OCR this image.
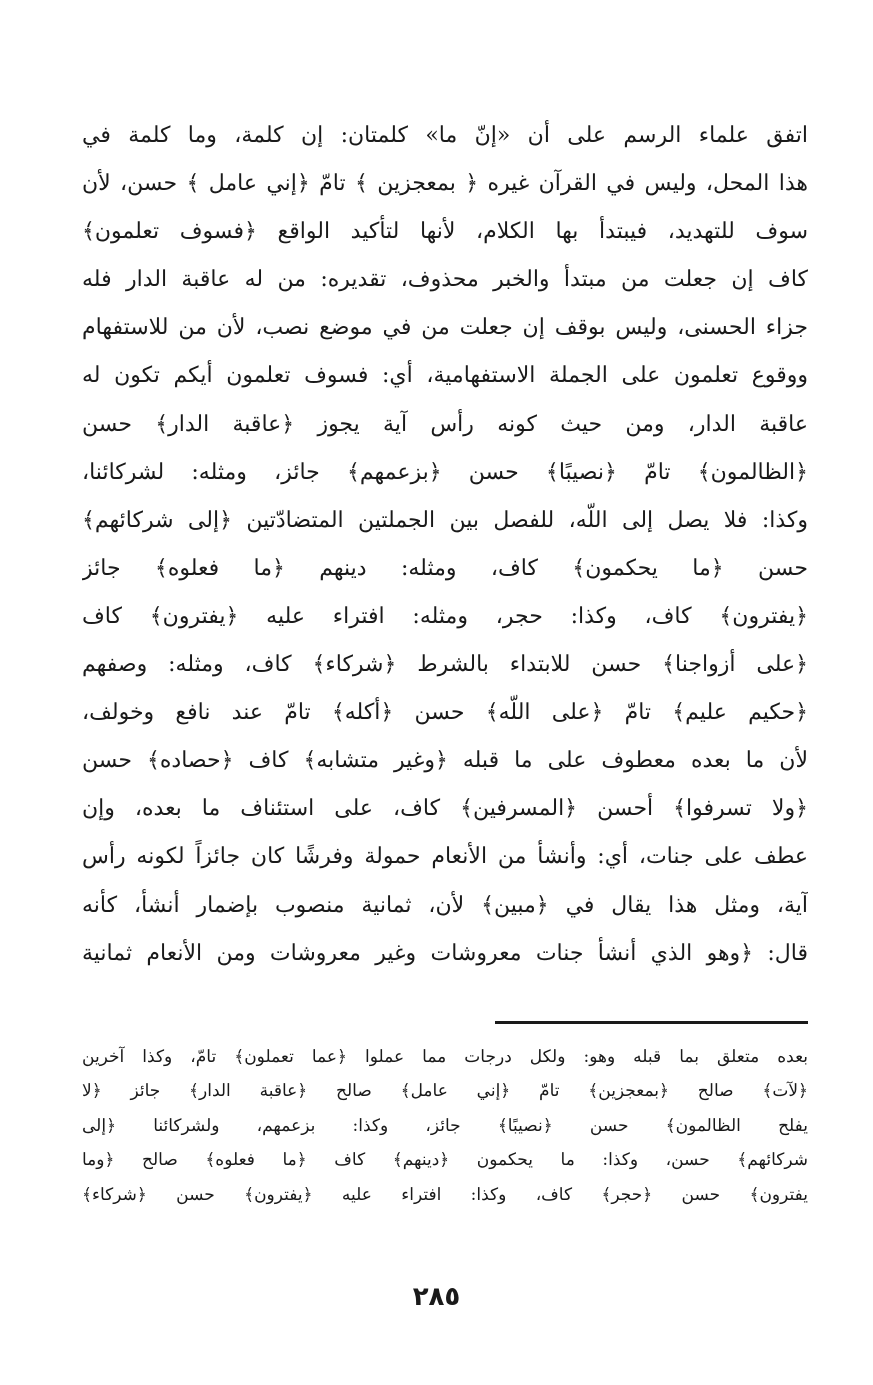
اتفق علماء الرسم على أن «إنّ ما» كلمتان: إن كلمة، وما كلمة في
هذا المحل، وليس في القرآن غيره ﴿ بمعجزين ﴾ تامّ ﴿إني عامل ﴾ حسن، لأن
سوف للتهديد، فيبتدأ بها الكلام، لأنها لتأكيد الواقع ﴿فسوف تعلمون﴾
كاف إن جعلت من مبتدأ والخبر محذوف، تقديره: من له عاقبة الدار فله
جزاء الحسنى، وليس بوقف إن جعلت من في موضع نصب، لأن من للاستفهام
ووقوع تعلمون على الجملة الاستفهامية، أي: فسوف تعلمون أيكم تكون له
عاقبة الدار، ومن حيث كونه رأس آية يجوز ﴿عاقبة الدار﴾ حسن
﴿الظالمون﴾ تامّ ﴿نصيبًا﴾ حسن ﴿بزعمهم﴾ جائز، ومثله: لشركائنا،
وكذا: فلا يصل إلى اللّه، للفصل بين الجملتين المتضادّتين ﴿إلى شركائهم﴾
حسن ﴿ما يحكمون﴾ كاف، ومثله: دينهم ﴿ما فعلوه﴾ جائز
﴿يفترون﴾ كاف، وكذا: حجر، ومثله: افتراء عليه ﴿يفترون﴾ كاف
﴿على أزواجنا﴾ حسن للابتداء بالشرط ﴿شركاء﴾ كاف، ومثله: وصفهم
﴿حكيم عليم﴾ تامّ ﴿على اللّه﴾ حسن ﴿أكله﴾ تامّ عند نافع وخولف،
لأن ما بعده معطوف على ما قبله ﴿وغير متشابه﴾ كاف ﴿حصاده﴾ حسن
﴿ولا تسرفوا﴾ أحسن ﴿المسرفين﴾ كاف، على استئناف ما بعده، وإن
عطف على جنات، أي: وأنشأ من الأنعام حمولة وفرشًا كان جائزاً لكونه رأس
آية، ومثل هذا يقال في ﴿مبين﴾ لأن، ثمانية منصوب بإضمار أنشأ، كأنه
قال: ﴿وهو الذي أنشأ جنات معروشات وغير معروشات ومن الأنعام ثمانية
بعده متعلق بما قبله وهو: ولكل درجات مما عملوا ﴿عما تعملون﴾ تامّ، وكذا آخرين
﴿لآت﴾ صالح ﴿بمعجزين﴾ تامّ ﴿إني عامل﴾ صالح ﴿عاقبة الدار﴾ جائز ﴿لا
يفلح الظالمون﴾ حسن ﴿نصيبًا﴾ جائز، وكذا: بزعمهم، ولشركائنا ﴿إلى
شركائهم﴾ حسن، وكذا: ما يحكمون ﴿دينهم﴾ كاف ﴿ما فعلوه﴾ صالح ﴿وما
يفترون﴾ حسن ﴿حجر﴾ كاف، وكذا: افتراء عليه ﴿يفترون﴾ حسن ﴿شركاء﴾
٢٨٥
